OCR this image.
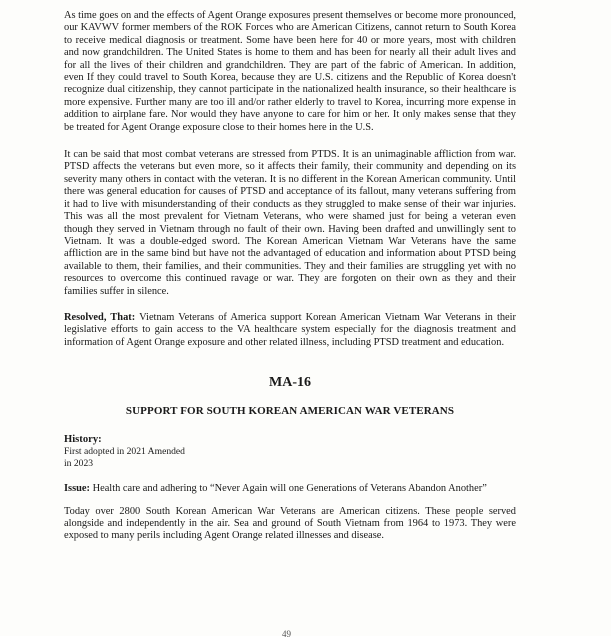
As time goes on and the effects of Agent Orange exposures present themselves or become more pronounced, our KAVWV former members of the ROK Forces who are American Citizens, cannot return to South Korea to receive medical diagnosis or treatment. Some have been here for 40 or more years, most with children and now grandchildren. The United States is home to them and has been for nearly all their adult lives and for all the lives of their children and grandchildren. They are part of the fabric of American. In addition, even If they could travel to South Korea, because they are U.S. citizens and the Republic of Korea doesn't recognize dual citizenship, they cannot participate in the nationalized health insurance, so their healthcare is more expensive. Further many are too ill and/or rather elderly to travel to Korea, incurring more expense in addition to airplane fare. Nor would they have anyone to care for him or her. It only makes sense that they be treated for Agent Orange exposure close to their homes here in the U.S.

It can be said that most combat veterans are stressed from PTDS. It is an unimaginable affliction from war. PTSD affects the veterans but even more, so it affects their family, their community and depending on its severity many others in contact with the veteran. It is no different in the Korean American community. Until there was general education for causes of PTSD and acceptance of its fallout, many veterans suffering from it had to live with misunderstanding of their conducts as they struggled to make sense of their war injuries. This was all the most prevalent for Vietnam Veterans, who were shamed just for being a veteran even though they served in Vietnam through no fault of their own. Having been drafted and unwillingly sent to Vietnam. It was a double-edged sword. The Korean American Vietnam War Veterans have the same affliction are in the same bind but have not the advantaged of education and information about PTSD being available to them, their families, and their communities. They and their families are struggling yet with no resources to overcome this continued ravage or war. They are forgoten on their own as they and their families suffer in silence.

Resolved, That: Vietnam Veterans of America support Korean American Vietnam War Veterans in their legislative efforts to gain access to the VA healthcare system especially for the diagnosis treatment and information of Agent Orange exposure and other related illness, including PTSD treatment and education.

MA-16
SUPPORT FOR SOUTH KOREAN AMERICAN WAR VETERANS
History:
First adopted in 2021 Amended
in 2023

Issue: Health care and adhering to “Never Again will one Generations of Veterans Abandon Another”

Today over 2800 South Korean American War Veterans are American citizens. These people served alongside and independently in the air. Sea and ground of South Vietnam from 1964 to 1973. They were exposed to many perils including Agent Orange related illnesses and disease.

49
